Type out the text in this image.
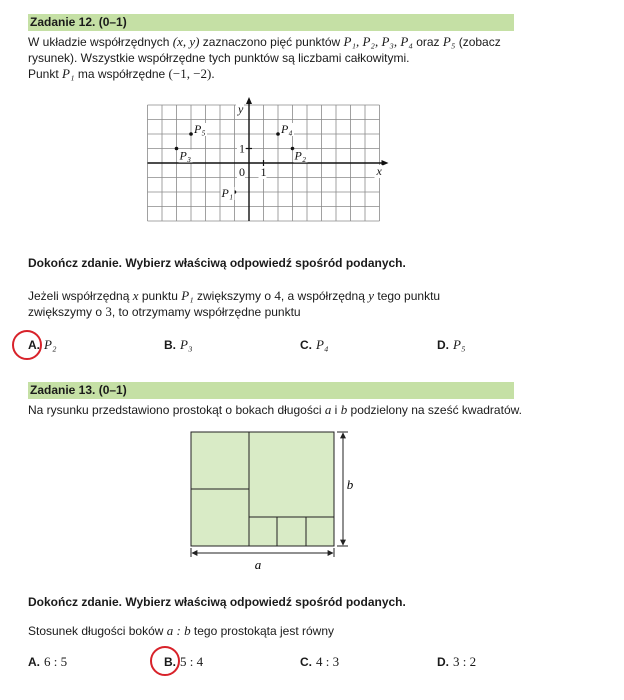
Zadanie 12. (0–1)
W układzie współrzędnych (x, y) zaznaczono pięć punktów P₁, P₂, P₃, P₄ oraz P₅ (zobacz
rysunek). Wszystkie współrzędne tych punktów są liczbami całkowitymi.
Punkt P₁ ma współrzędne (−1, −2).
y
x
1
1
0
P₁
P₂
P₃
P₄
P₅
Dokończ zdanie. Wybierz właściwą odpowiedź spośród podanych.
Jeżeli współrzędną x punktu P₁ zwiększymy o 4, a współrzędną y tego punktu
zwiększymy o 3, to otrzymamy współrzędne punktu
A. P₂	B. P₃	C. P₄	D. P₅
Zadanie 13. (0–1)
Na rysunku przedstawiono prostokąt o bokach długości a i b podzielony na sześć kwadratów.
a
b
Dokończ zdanie. Wybierz właściwą odpowiedź spośród podanych.
Stosunek długości boków a : b tego prostokąta jest równy
A. 6 : 5	B. 5 : 4	C. 4 : 3	D. 3 : 2
